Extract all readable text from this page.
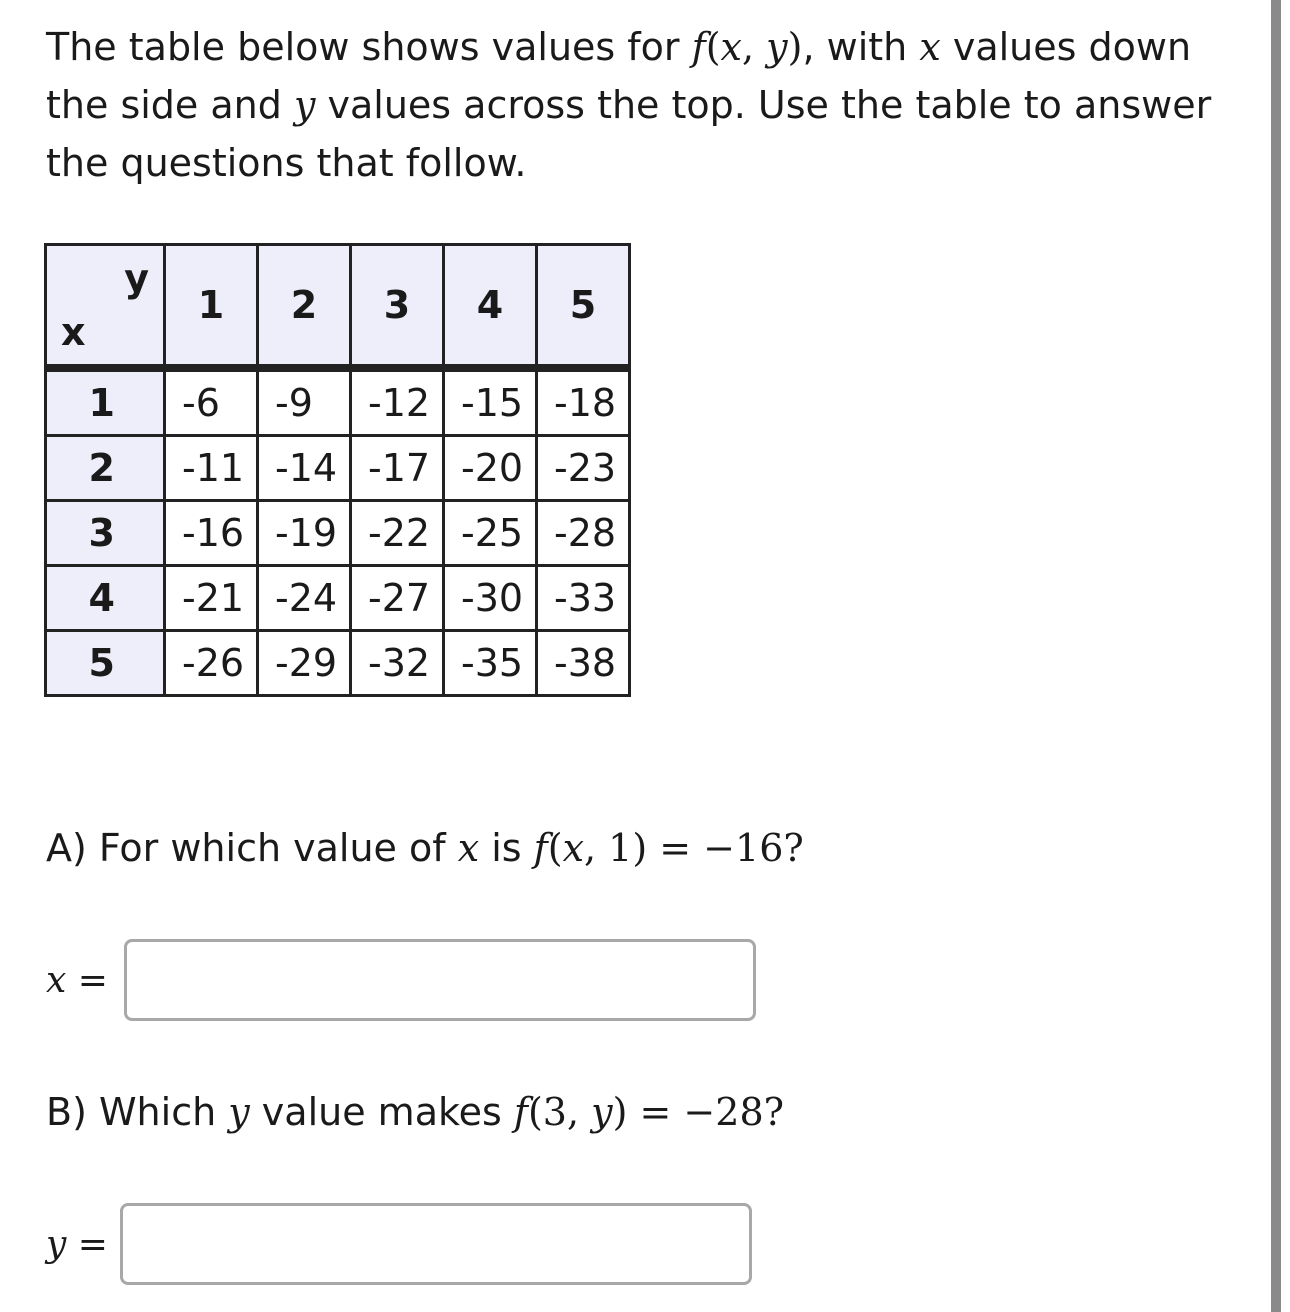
The table below shows values for f(x, y), with x values down the side and y values across the top. Use the table to answer the questions that follow.

y
x	1	2	3	4	5
1	-6	-9	-12	-15	-18
2	-11	-14	-17	-20	-23
3	-16	-19	-22	-25	-28
4	-21	-24	-27	-30	-33
5	-26	-29	-32	-35	-38

A) For which value of x is f(x, 1) = −16?

x =

B) Which y value makes f(3, y) = −28?

y =
